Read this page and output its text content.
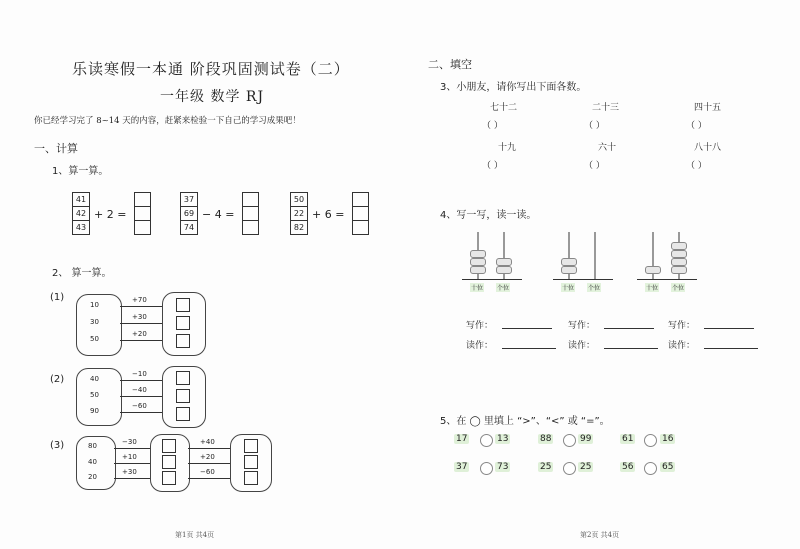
乐读寒假一本通 阶段巩固测试卷（二）
一年级 数学 RJ
你已经学习完了 8~14 天的内容，赶紧来检验一下自己的学习成果吧！
一、计算
1、算一算。
41
42
43
+ 2 =
37
69
74
− 4 =
50
22
82
+ 6 =
2、 算一算。
(1)
10
30
50
+70
+30
+20
(2)	40
50
90
−10
−40
−60
(3)	80
40
20
−30
+10
+30
+40
+20
−60
第1页 共4页
二、填空
3、小朋友，请你写出下面各数。
七十二	二十三	四十五
（ ）	（ ）	（ ）
十九	六十	八十八
（ ）	（ ）	（ ）
4、写一写，读一读。
十位 个位	十位 个位	十位 个位
写作：	写作：	写作：
读作：	读作：	读作：
5、在 ◯ 里填上 “>”、“<” 或 “=”。
17	13	88	99	61	16
37	73	25	25	56	65
第2页 共4页
